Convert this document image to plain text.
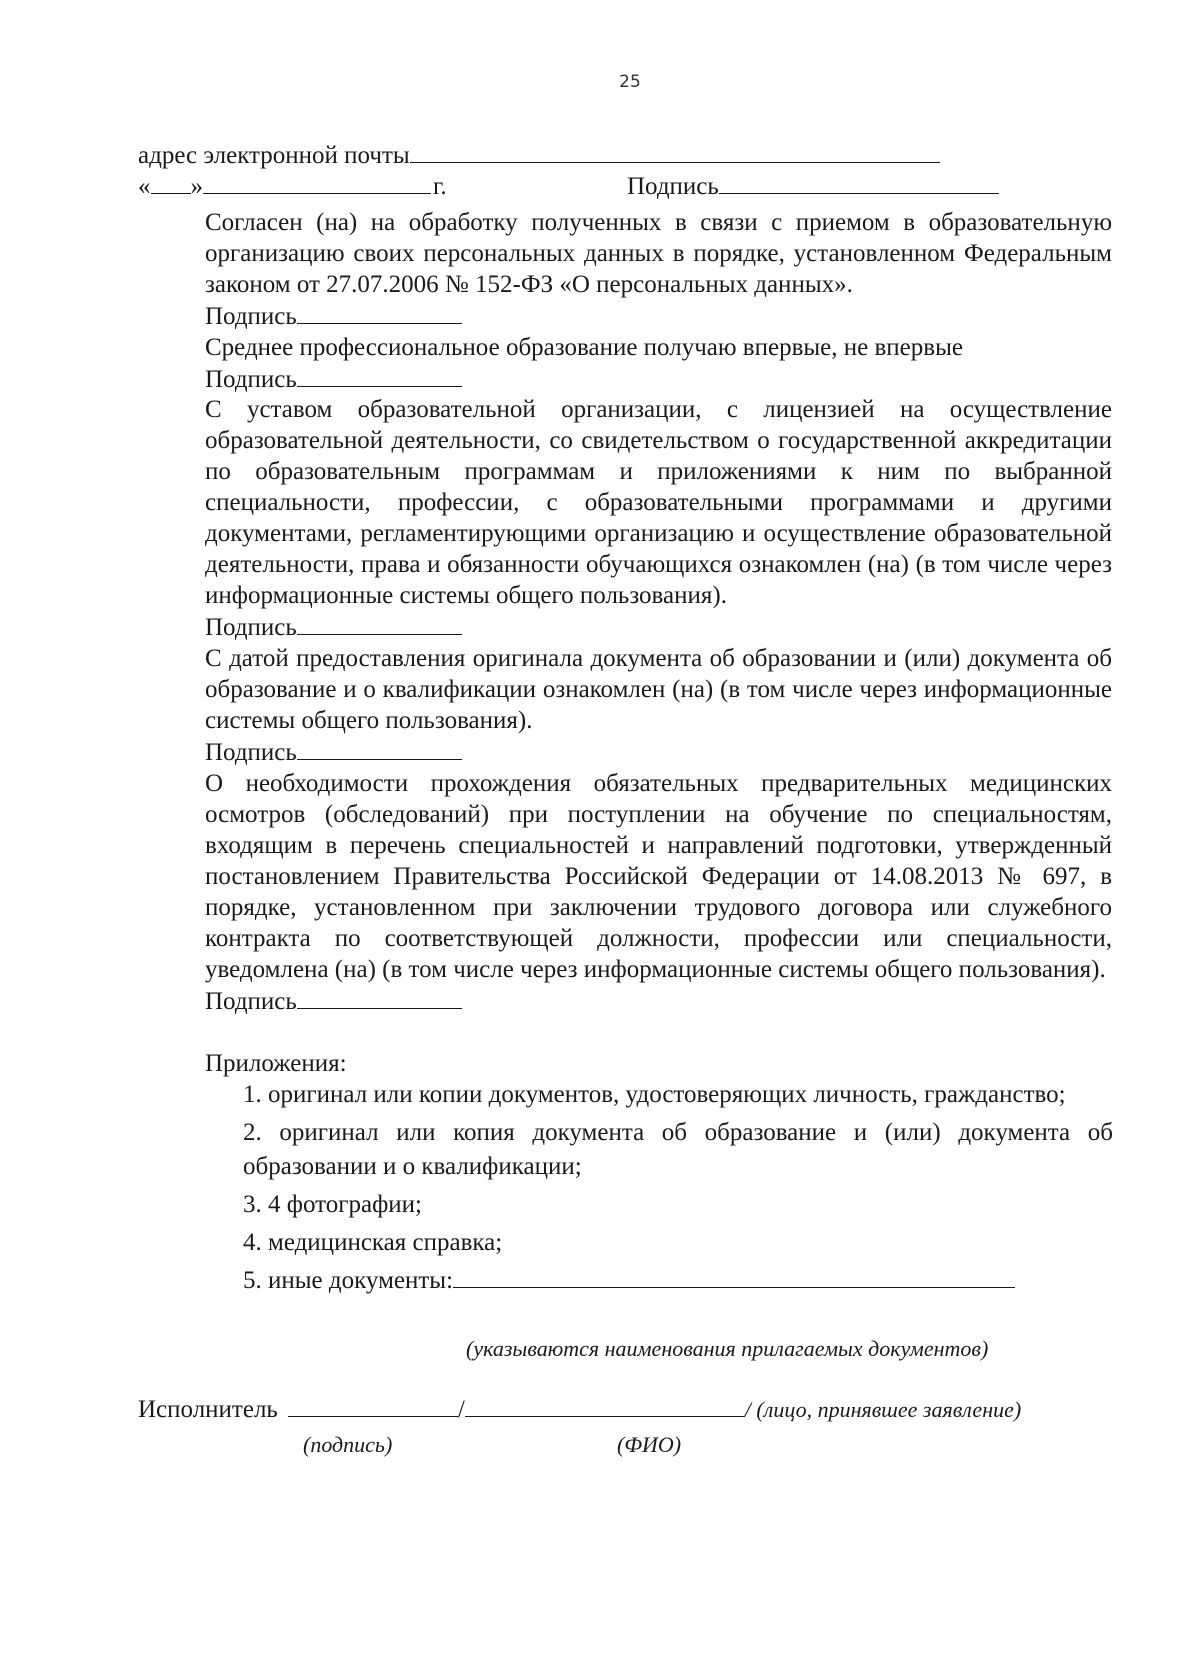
25
адрес электронной почты
« »	г.	Подпись
Согласен (на) на обработку полученных в связи с приемом в образовательную организацию своих персональных данных в порядке, установленном Федеральным законом от 27.07.2006 № 152-ФЗ «О персональных данных».
Подпись
Среднее профессиональное образование получаю впервые, не впервые
Подпись
С уставом образовательной организации, с лицензией на осуществление образовательной деятельности, со свидетельством о государственной аккредитации по образовательным программам и приложениями к ним по выбранной специальности, профессии, с образовательными программами и другими документами, регламентирующими организацию и осуществление образовательной деятельности, права и обязанности обучающихся ознакомлен (на) (в том числе через информационные системы общего пользования).
Подпись
С датой предоставления оригинала документа об образовании и (или) документа об образование и о квалификации ознакомлен (на) (в том числе через информационные системы общего пользования).
Подпись
О необходимости прохождения обязательных предварительных медицинских осмотров (обследований) при поступлении на обучение по специальностям, входящим в перечень специальностей и направлений подготовки, утвержденный постановлением Правительства Российской Федерации от 14.08.2013 № 697, в порядке, установленном при заключении трудового договора или служебного контракта по соответствующей должности, профессии или специальности, уведомлена (на) (в том числе через информационные системы общего пользования).
Подпись
Приложения:
1. оригинал или копии документов, удостоверяющих личность, гражданство;
2. оригинал или копия документа об образование и (или) документа об образовании и о квалификации;
3. 4 фотографии;
4. медицинская справка;
5. иные документы:
(указываются наименования прилагаемых документов)
Исполнитель	/	/ (лицо, принявшее заявление)
(подпись)	(ФИО)
